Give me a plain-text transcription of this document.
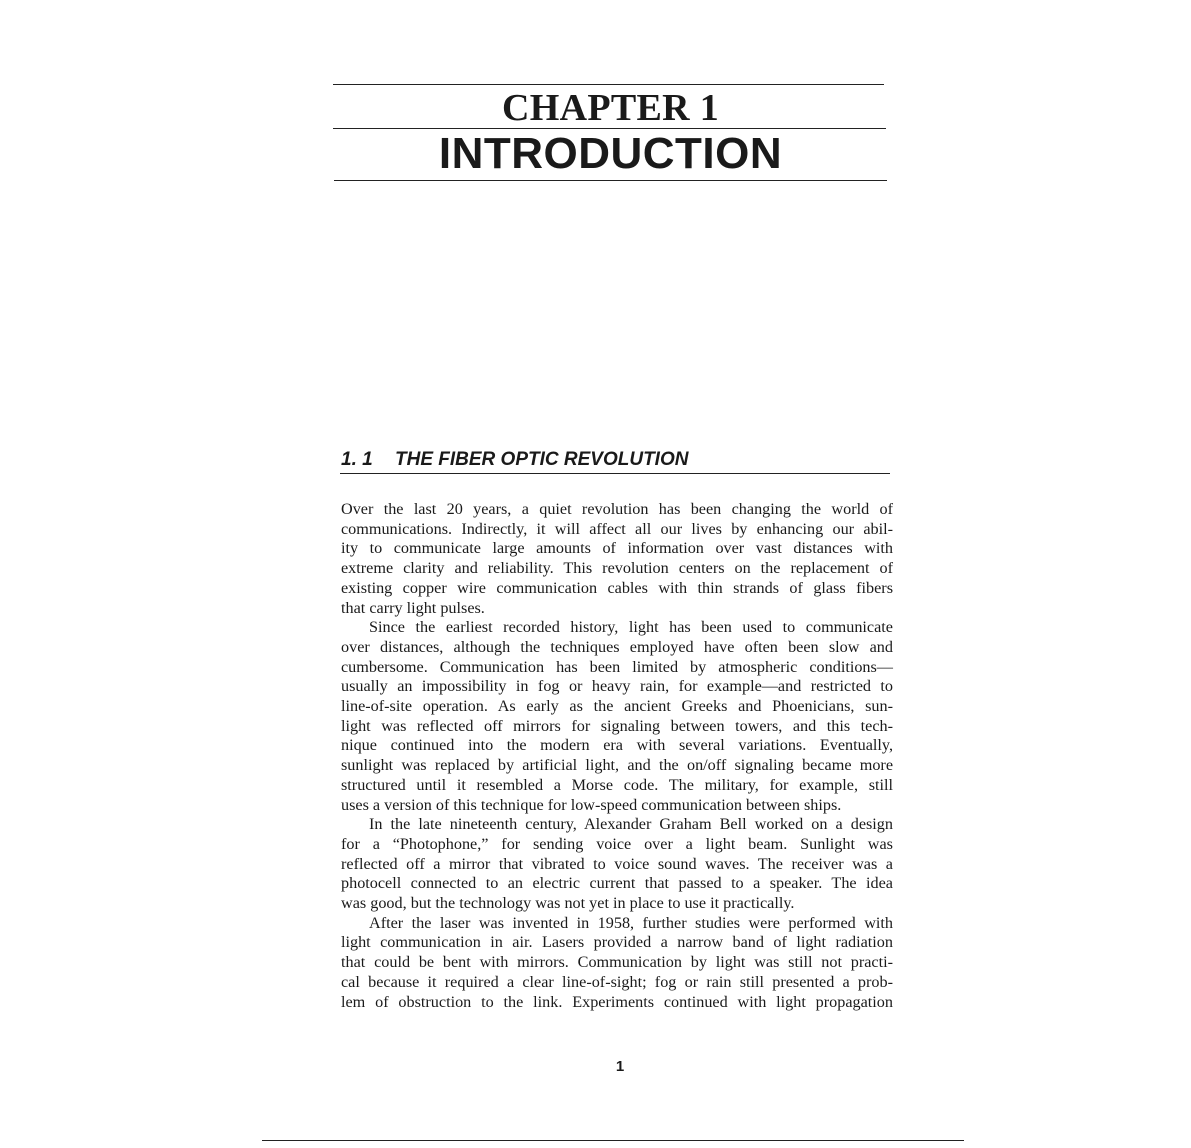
CHAPTER 1
INTRODUCTION
1. 1 THE FIBER OPTIC REVOLUTION

Over the last 20 years, a quiet revolution has been changing the world of
communications. Indirectly, it will affect all our lives by enhancing our abil-
ity to communicate large amounts of information over vast distances with
extreme clarity and reliability. This revolution centers on the replacement of
existing copper wire communication cables with thin strands of glass fibers
that carry light pulses.

Since the earliest recorded history, light has been used to communicate
over distances, although the techniques employed have often been slow and
cumbersome. Communication has been limited by atmospheric conditions—
usually an impossibility in fog or heavy rain, for example—and restricted to
line-of-site operation. As early as the ancient Greeks and Phoenicians, sun-
light was reflected off mirrors for signaling between towers, and this tech-
nique continued into the modern era with several variations. Eventually,
sunlight was replaced by artificial light, and the on/off signaling became more
structured until it resembled a Morse code. The military, for example, still
uses a version of this technique for low-speed communication between ships.

In the late nineteenth century, Alexander Graham Bell worked on a design
for a “Photophone,” for sending voice over a light beam. Sunlight was
reflected off a mirror that vibrated to voice sound waves. The receiver was a
photocell connected to an electric current that passed to a speaker. The idea
was good, but the technology was not yet in place to use it practically.

After the laser was invented in 1958, further studies were performed with
light communication in air. Lasers provided a narrow band of light radiation
that could be bent with mirrors. Communication by light was still not practi-
cal because it required a clear line-of-sight; fog or rain still presented a prob-
lem of obstruction to the link. Experiments continued with light propagation

1
